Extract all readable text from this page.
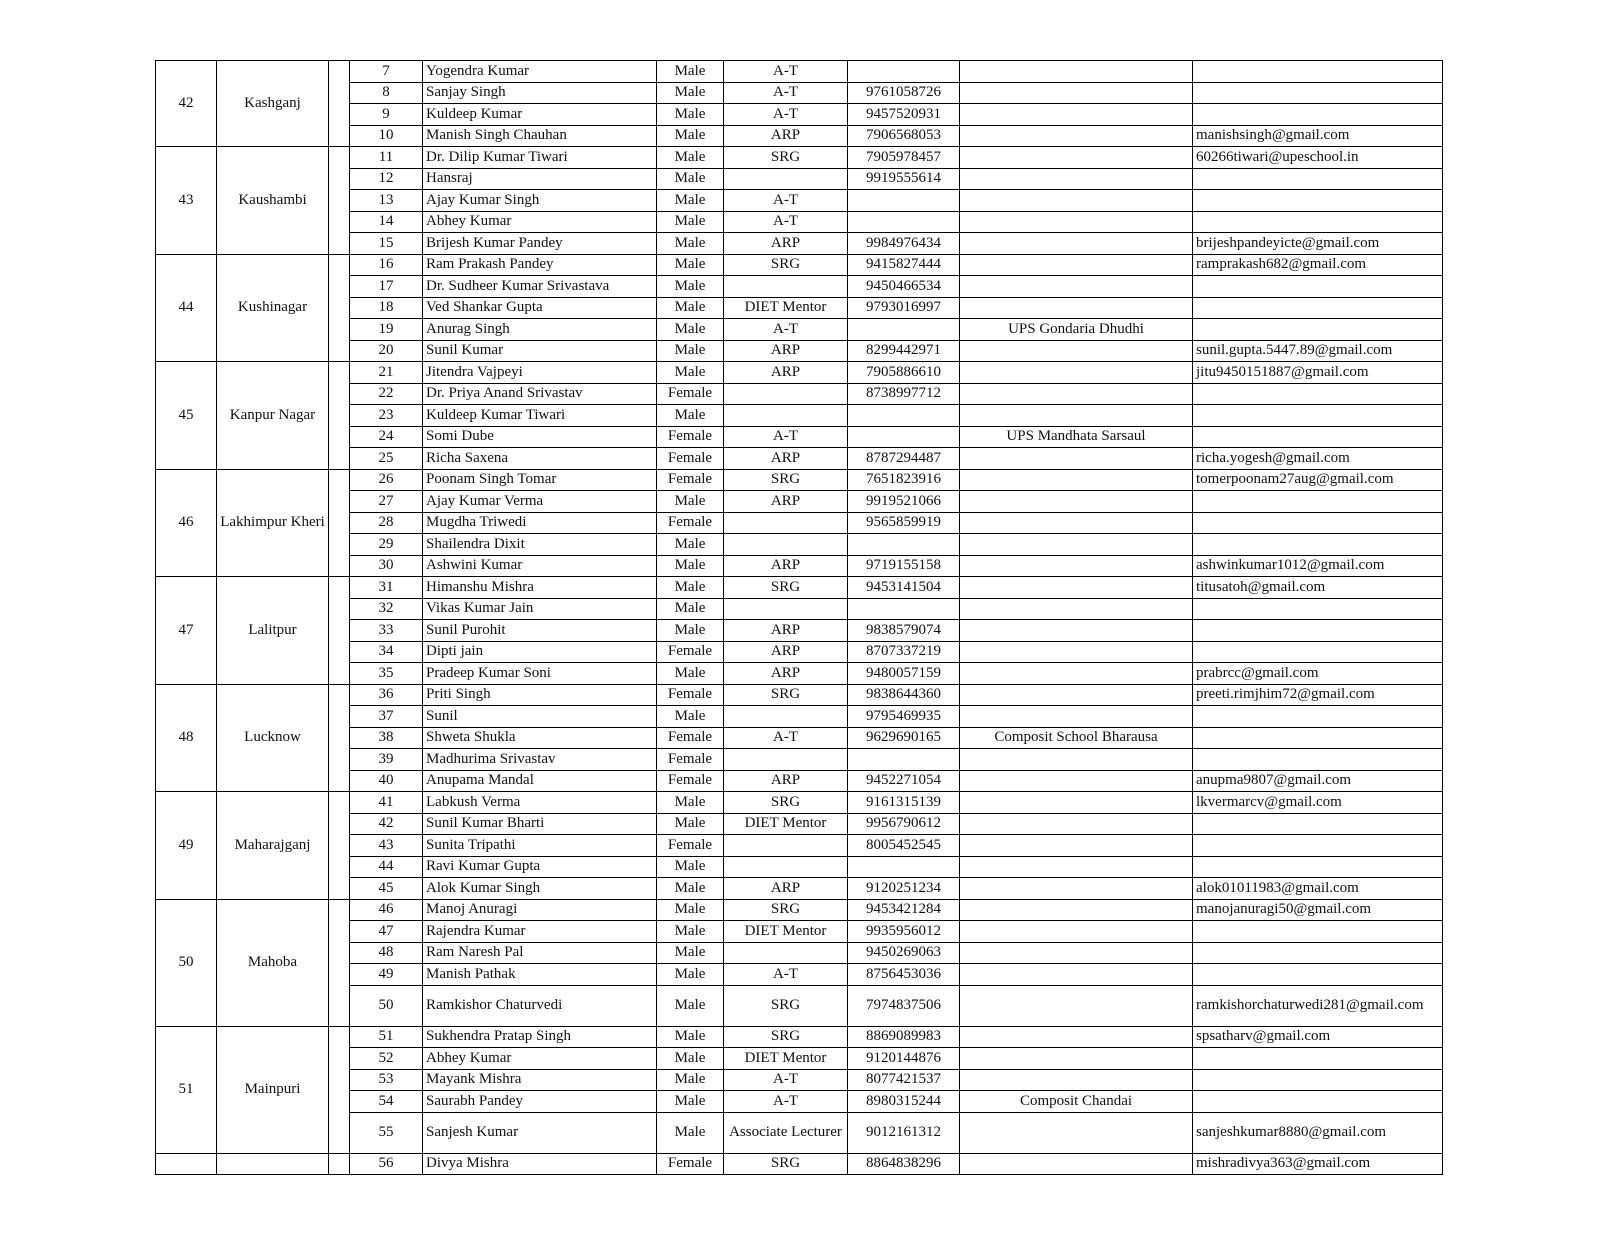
42	Kashganj		7	Yogendra Kumar	Male	A-T			
			8	Sanjay Singh	Male	A-T	9761058726		
			9	Kuldeep Kumar	Male	A-T	9457520931		
			10	Manish Singh Chauhan	Male	ARP	7906568053		manishsingh@gmail.com
43	Kaushambi		11	Dr. Dilip Kumar Tiwari	Male	SRG	7905978457		60266tiwari@upeschool.in
			12	Hansraj	Male		9919555614		
			13	Ajay Kumar Singh	Male	A-T			
			14	Abhey Kumar	Male	A-T			
			15	Brijesh Kumar Pandey	Male	ARP	9984976434		brijeshpandeyicte@gmail.com
44	Kushinagar		16	Ram Prakash Pandey	Male	SRG	9415827444		ramprakash682@gmail.com
			17	Dr. Sudheer Kumar Srivastava	Male		9450466534		
			18	Ved Shankar Gupta	Male	DIET Mentor	9793016997		
			19	Anurag Singh	Male	A-T		UPS Gondaria Dhudhi	
			20	Sunil Kumar	Male	ARP	8299442971		sunil.gupta.5447.89@gmail.com
45	Kanpur Nagar		21	Jitendra Vajpeyi	Male	ARP	7905886610		jitu9450151887@gmail.com
			22	Dr. Priya Anand Srivastav	Female		8738997712		
			23	Kuldeep Kumar Tiwari	Male				
			24	Somi Dube	Female	A-T		UPS Mandhata Sarsaul	
			25	Richa Saxena	Female	ARP	8787294487		richa.yogesh@gmail.com
46	Lakhimpur Kheri		26	Poonam Singh Tomar	Female	SRG	7651823916		tomerpoonam27aug@gmail.com
			27	Ajay Kumar Verma	Male	ARP	9919521066		
			28	Mugdha Triwedi	Female		9565859919		
			29	Shailendra Dixit	Male				
			30	Ashwini Kumar	Male	ARP	9719155158		ashwinkumar1012@gmail.com
47	Lalitpur		31	Himanshu Mishra	Male	SRG	9453141504		titusatoh@gmail.com
			32	Vikas Kumar Jain	Male				
			33	Sunil Purohit	Male	ARP	9838579074		
			34	Dipti jain	Female	ARP	8707337219		
			35	Pradeep Kumar Soni	Male	ARP	9480057159		prabrcc@gmail.com
48	Lucknow		36	Priti Singh	Female	SRG	9838644360		preeti.rimjhim72@gmail.com
			37	Sunil	Male		9795469935		
			38	Shweta Shukla	Female	A-T	9629690165	Composit School Bharausa	
			39	Madhurima Srivastav	Female				
			40	Anupama Mandal	Female	ARP	9452271054		anupma9807@gmail.com
49	Maharajganj		41	Labkush Verma	Male	SRG	9161315139		lkvermarcv@gmail.com
			42	Sunil Kumar Bharti	Male	DIET Mentor	9956790612		
			43	Sunita Tripathi	Female		8005452545		
			44	Ravi Kumar Gupta	Male				
			45	Alok Kumar Singh	Male	ARP	9120251234		alok01011983@gmail.com
50	Mahoba		46	Manoj Anuragi	Male	SRG	9453421284		manojanuragi50@gmail.com
			47	Rajendra Kumar	Male	DIET Mentor	9935956012		
			48	Ram Naresh Pal	Male		9450269063		
			49	Manish Pathak	Male	A-T	8756453036		
			50	Ramkishor Chaturvedi	Male	SRG	7974837506		ramkishorchaturwedi281@gmail.com
51	Mainpuri		51	Sukhendra Pratap Singh	Male	SRG	8869089983		spsatharv@gmail.com
			52	Abhey Kumar	Male	DIET Mentor	9120144876		
			53	Mayank Mishra	Male	A-T	8077421537		
			54	Saurabh Pandey	Male	A-T	8980315244	Composit Chandai	
			55	Sanjesh Kumar	Male	Associate Lecturer	9012161312		sanjeshkumar8880@gmail.com
			56	Divya Mishra	Female	SRG	8864838296		mishradivya363@gmail.com
